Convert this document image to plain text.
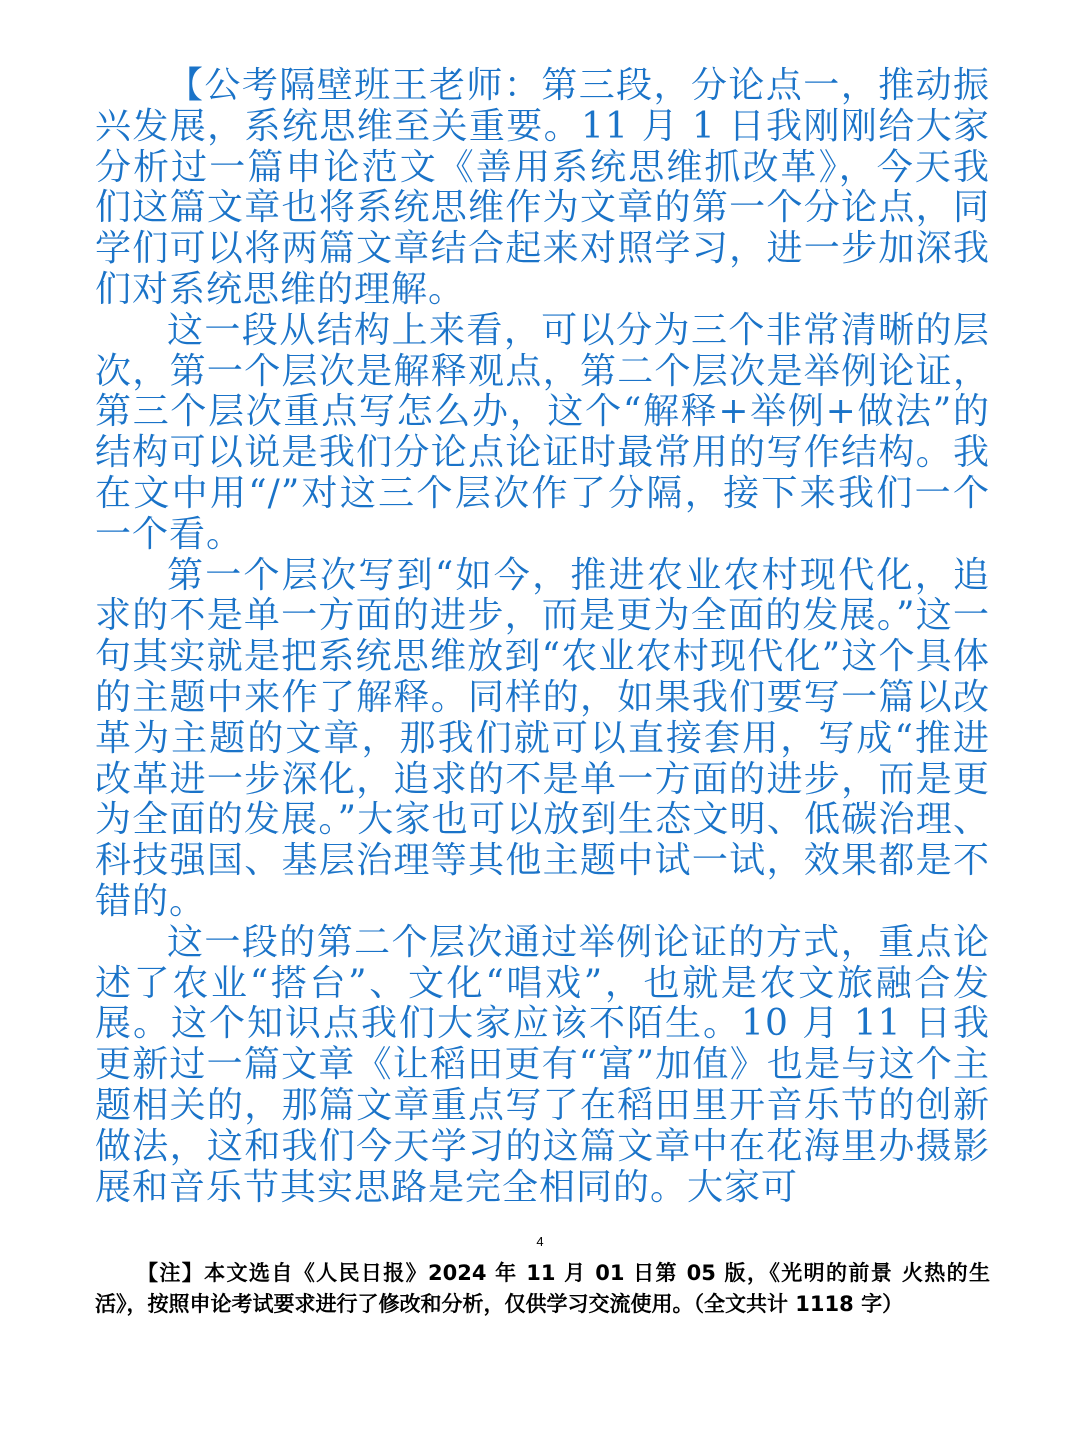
【公考隔壁班王老师：第三段，分论点一，推动振兴发展，系统思维至关重要。11 月 1 日我刚刚给大家分析过一篇申论范文《善用系统思维抓改革》，今天我们这篇文章也将系统思维作为文章的第一个分论点，同学们可以将两篇文章结合起来对照学习，进一步加深我们对系统思维的理解。

这一段从结构上来看，可以分为三个非常清晰的层次，第一个层次是解释观点，第二个层次是举例论证，第三个层次重点写怎么办，这个“解释+举例+做法”的结构可以说是我们分论点论证时最常用的写作结构。我在文中用“/”对这三个层次作了分隔，接下来我们一个一个看。

第一个层次写到“如今，推进农业农村现代化，追求的不是单一方面的进步，而是更为全面的发展。”这一句其实就是把系统思维放到“农业农村现代化”这个具体的主题中来作了解释。同样的，如果我们要写一篇以改革为主题的文章，那我们就可以直接套用，写成“推进改革进一步深化，追求的不是单一方面的进步，而是更为全面的发展。”大家也可以放到生态文明、低碳治理、科技强国、基层治理等其他主题中试一试，效果都是不错的。

这一段的第二个层次通过举例论证的方式，重点论述了农业“搭台”、文化“唱戏”，也就是农文旅融合发展。这个知识点我们大家应该不陌生。10 月 11 日我更新过一篇文章《让稻田更有“富”加值》也是与这个主题相关的，那篇文章重点写了在稻田里开音乐节的创新做法，这和我们今天学习的这篇文章中在花海里办摄影展和音乐节其实思路是完全相同的。大家可

4
【注】本文选自《人民日报》2024 年 11 月 01 日第 05 版，《光明的前景 火热的生活》，按照申论考试要求进行了修改和分析，仅供学习交流使用。（全文共计 1118 字）
